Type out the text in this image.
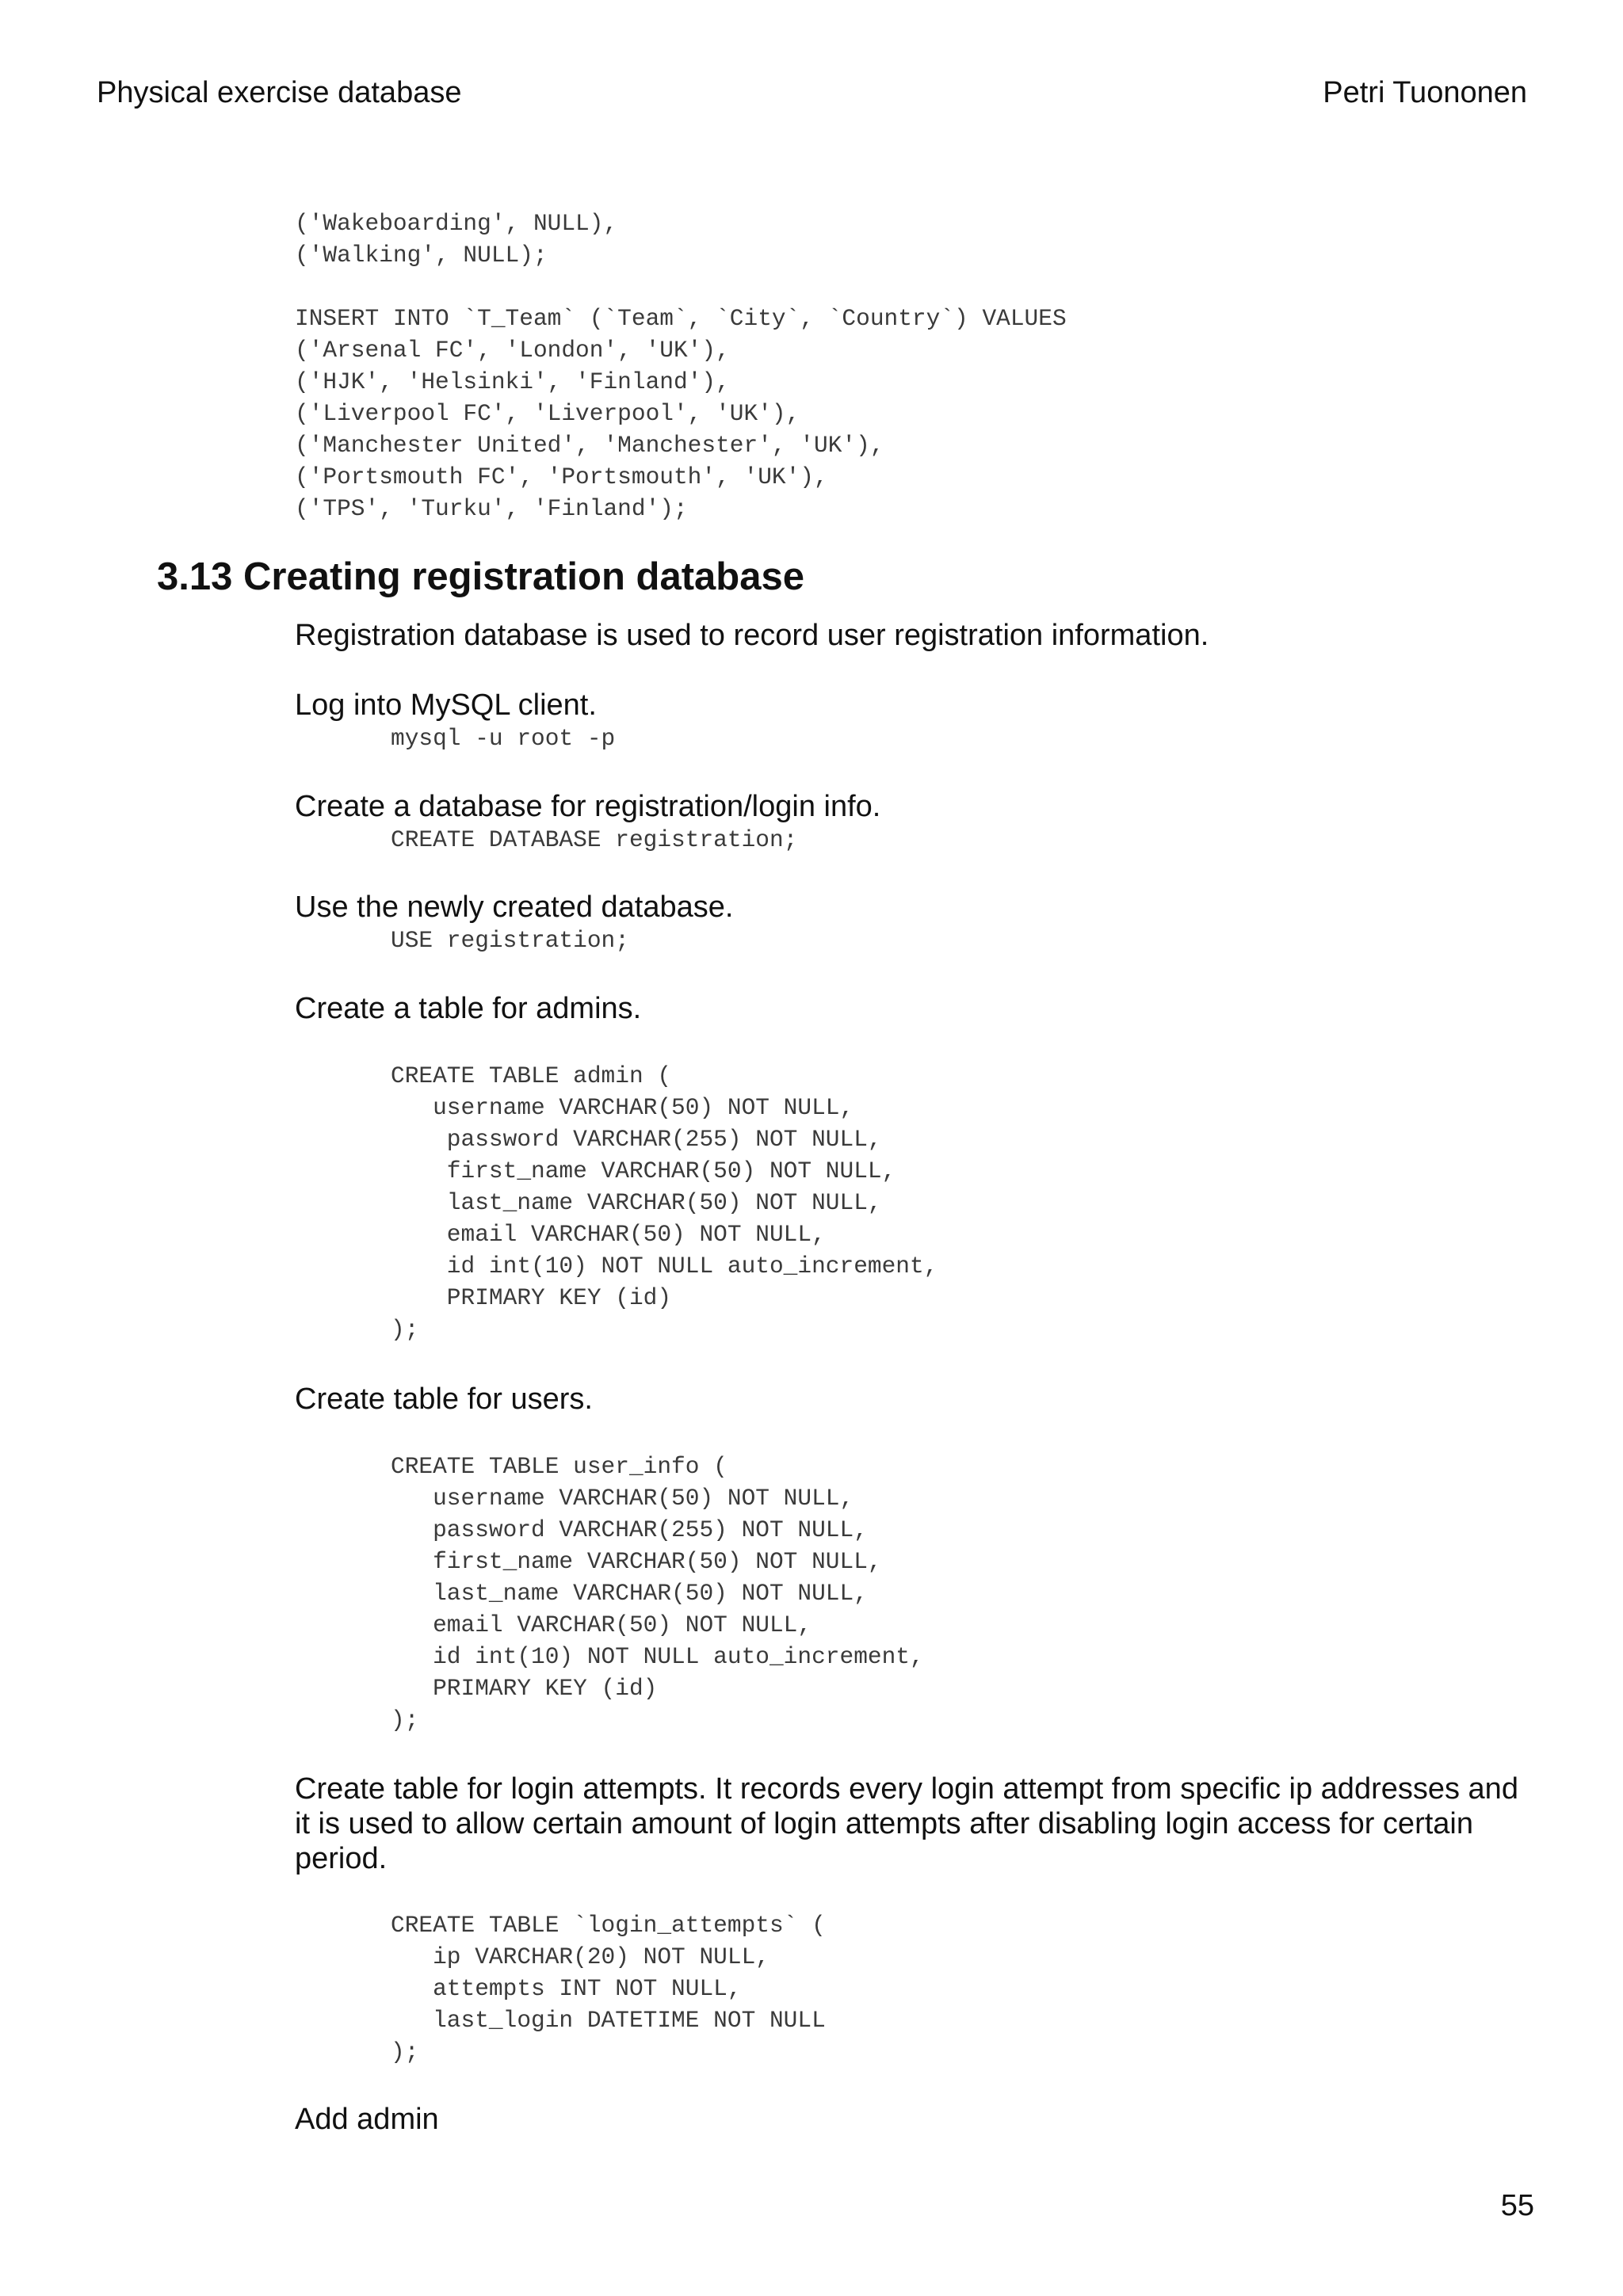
Physical exercise database	Petri Tuononen
('Wakeboarding', NULL),
('Walking', NULL);

INSERT INTO `T_Team` (`Team`, `City`, `Country`) VALUES
('Arsenal FC', 'London', 'UK'),
('HJK', 'Helsinki', 'Finland'),
('Liverpool FC', 'Liverpool', 'UK'),
('Manchester United', 'Manchester', 'UK'),
('Portsmouth FC', 'Portsmouth', 'UK'),
('TPS', 'Turku', 'Finland');
3.13 Creating registration database
Registration database is used to record user registration information.
Log into MySQL client.
mysql -u root -p
Create a database for registration/login info.
CREATE DATABASE registration;
Use the newly created database.
USE registration;
Create a table for admins.
CREATE TABLE admin (
username VARCHAR(50) NOT NULL,
password VARCHAR(255) NOT NULL,
first_name VARCHAR(50) NOT NULL,
last_name VARCHAR(50) NOT NULL,
email VARCHAR(50) NOT NULL,
id int(10) NOT NULL auto_increment,
PRIMARY KEY (id)
);
Create table for users.
CREATE TABLE user_info (
username VARCHAR(50) NOT NULL,
password VARCHAR(255) NOT NULL,
first_name VARCHAR(50) NOT NULL,
last_name VARCHAR(50) NOT NULL,
email VARCHAR(50) NOT NULL,
id int(10) NOT NULL auto_increment,
PRIMARY KEY (id)
);
Create table for login attempts. It records every login attempt from specific ip addresses and
it is used to allow certain amount of login attempts after disabling login access for certain
period.
CREATE TABLE `login_attempts` (
ip VARCHAR(20) NOT NULL,
attempts INT NOT NULL,
last_login DATETIME NOT NULL
);
Add admin
55
